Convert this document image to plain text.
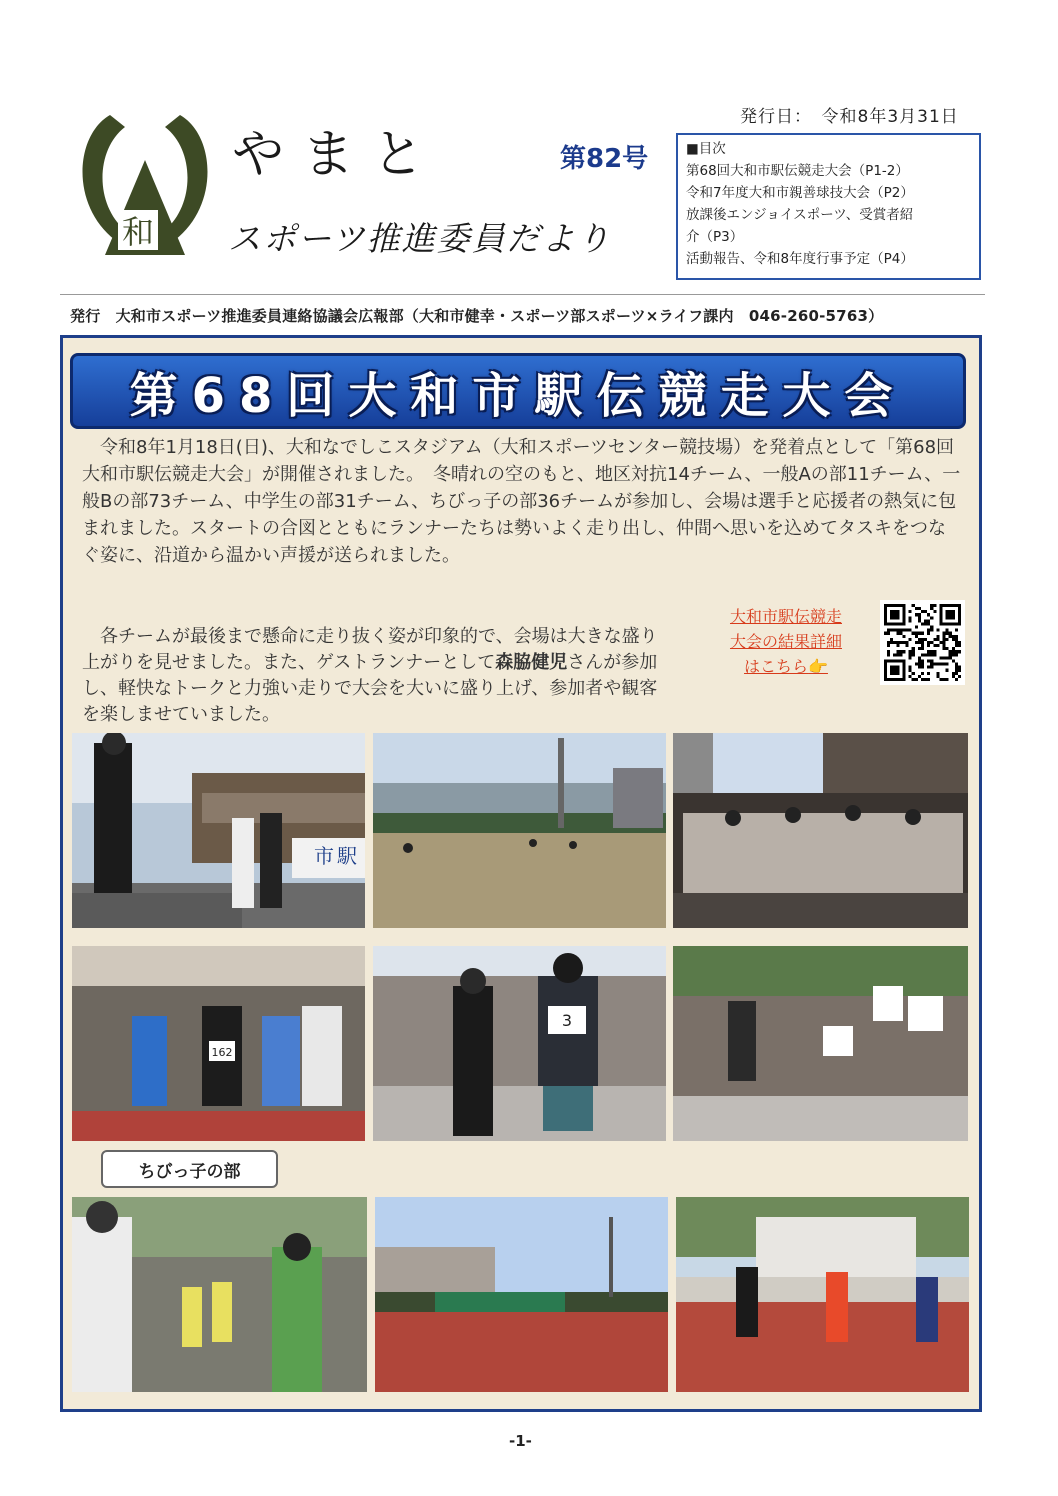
発行日：　令和8年3月31日
和
やまと	第82号
スポーツ推進委員だより
■目次
第68回大和市駅伝競走大会（P1-2）
令和7年度大和市親善球技大会（P2）
放課後エンジョイスポーツ、受賞者紹
介（P3）
活動報告、令和8年度行事予定（P4）
発行　大和市スポーツ推進委員連絡協議会広報部（大和市健幸・スポーツ部スポーツ×ライフ課内　046-260-5763）
第68回大和市駅伝競走大会
　令和8年1月18日(日)、大和なでしこスタジアム（大和スポーツセンター競技場）を発着点として「第68回大和市駅伝競走大会」が開催されました。　冬晴れの空のもと、地区対抗14チーム、一般Aの部11チーム、一般Bの部73チーム、中学生の部31チーム、ちびっ子の部36チームが参加し、会場は選手と応援者の熱気に包まれました。スタートの合図とともにランナーたちは勢いよく走り出し、仲間へ思いを込めてタスキをつなぐ姿に、沿道から温かい声援が送られました。
　各チームが最後まで懸命に走り抜く姿が印象的で、会場は大きな盛り上がりを見せました。また、ゲストランナーとして森脇健児さんが参加し、軽快なトークと力強い走りで大会を大いに盛り上げ、参加者や観客を楽しませていました。
大和市駅伝競走
大会の結果詳細
はこちら👉
市 駅
162
3
ちびっ子の部
-1-
